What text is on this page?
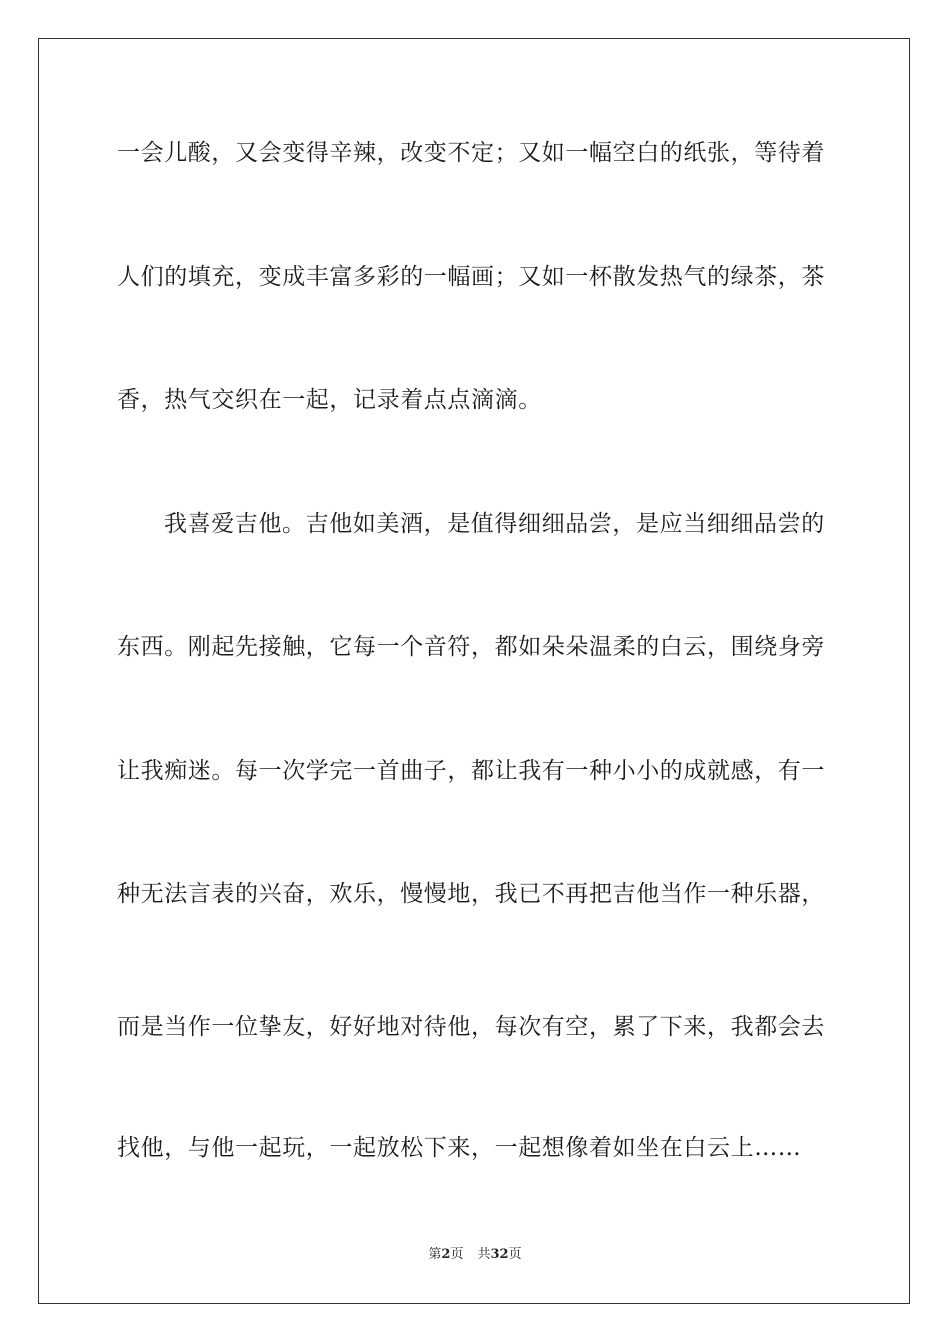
一会儿酸，又会变得辛辣，改变不定；又如一幅空白的纸张，等待着
人们的填充，变成丰富多彩的一幅画；又如一杯散发热气的绿茶，茶
香，热气交织在一起，记录着点点滴滴。
我喜爱吉他。吉他如美酒，是值得细细品尝，是应当细细品尝的
东西。刚起先接触，它每一个音符，都如朵朵温柔的白云，围绕身旁
让我痴迷。每一次学完一首曲子，都让我有一种小小的成就感，有一
种无法言表的兴奋，欢乐，慢慢地，我已不再把吉他当作一种乐器，
而是当作一位挚友，好好地对待他，每次有空，累了下来，我都会去
找他，与他一起玩，一起放松下来，一起想像着如坐在白云上……
第2页 共32页
